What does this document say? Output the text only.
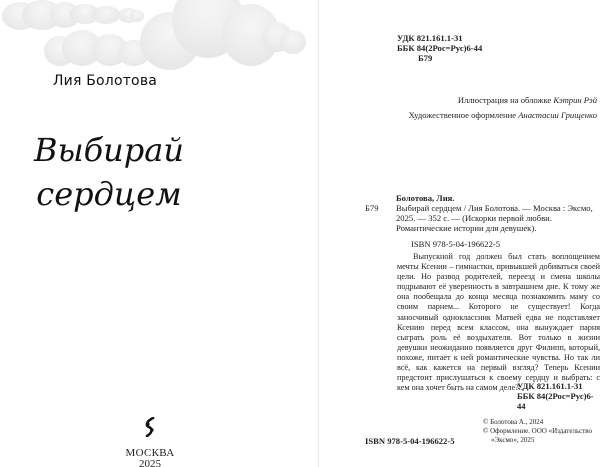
Лия Болотова
Выбирай
сердцем
МОСКВА
2025
УДК 821.161.1-31
ББК 84(2Рос=Рус)6-44
Б79
Иллюстрация на обложке Кэтрин Рэй
Художественное оформление Анастасии Грищенко
Болотова, Лия.
Б79	Выбирай сердцем / Лия Болотова. — Москва : Эксмо, 2025. — 352 с. — (Искорки первой любви. Романтические истории для девушек).
ISBN 978-5-04-196622-5

Выпускной год должен был стать воплощением мечты Ксении – гимнастки, привыкшей добиваться своей цели. Но развод родителей, переезд и смена школы подрывают её уверенность в завтрашнем дне. К тому же она пообещала до конца месяца познакомить маму со своим парнем... Которого не существует! Когда заносчивый одноклассник Матвей едва не подставляет Ксению перед всем классом, она вынуждает парня сыграть роль её воздыхателя. Вот только в жизни девушки неожиданно появляется друг Филипп, который, похоже, питает к ней романтические чувства. Но так ли всё, как кажется на первый взгляд? Теперь Ксении предстоит прислушаться к своему сердцу и выбрать: с кем она хочет быть на самом деле?..

УДК 821.161.1-31
ББК 84(2Рос=Рус)6-44
ISBN 978-5-04-196622-5
© Болотова А., 2024
© Оформление. ООО «Издательство
«Эксмо», 2025
